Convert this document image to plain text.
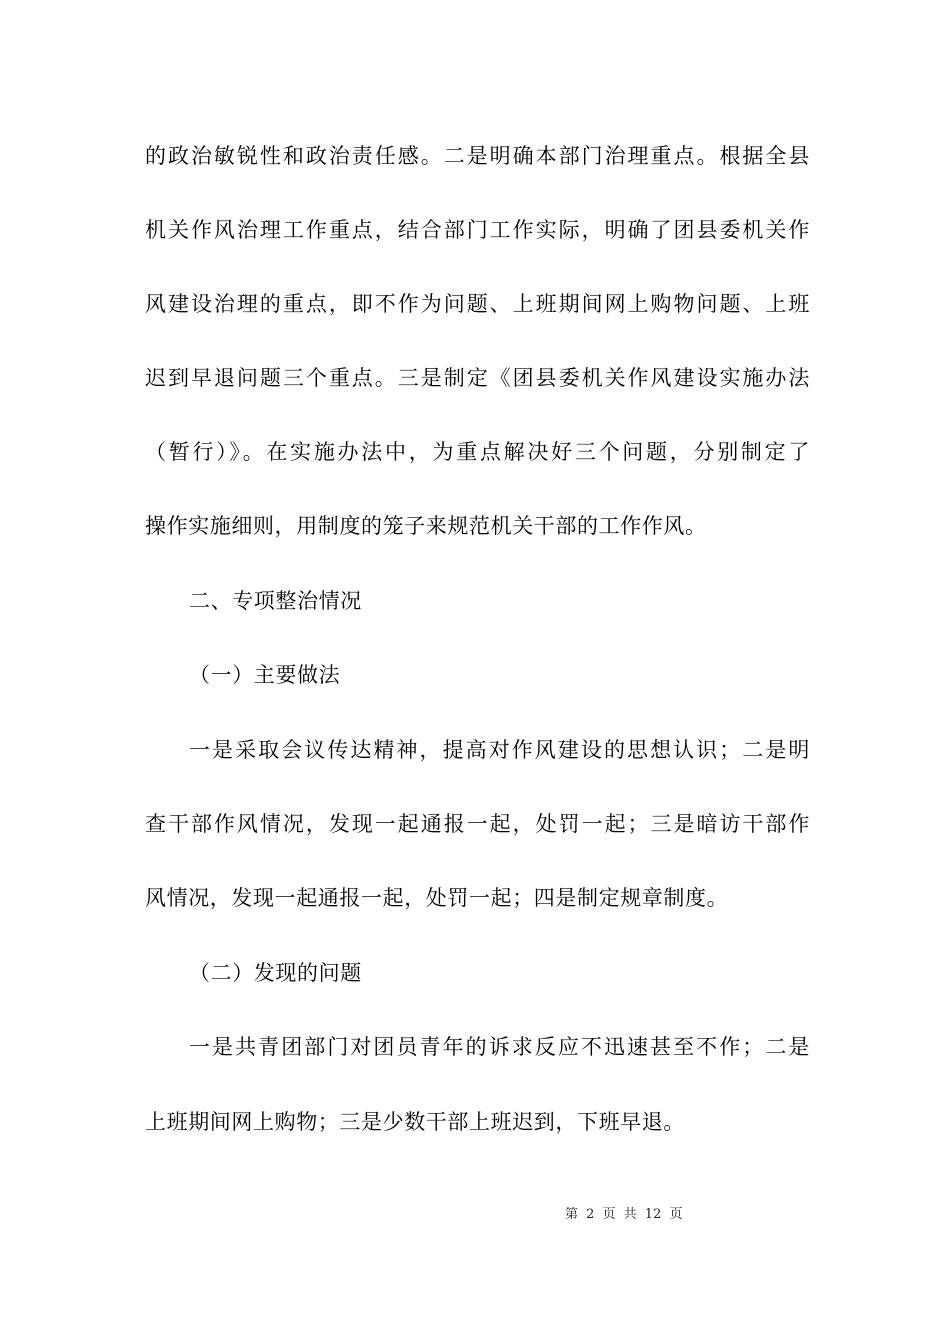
的政治敏锐性和政治责任感。二是明确本部门治理重点。根据全县
机关作风治理工作重点，结合部门工作实际，明确了团县委机关作
风建设治理的重点，即不作为问题、上班期间网上购物问题、上班
迟到早退问题三个重点。三是制定《团县委机关作风建设实施办法
（暂行）》。在实施办法中，为重点解决好三个问题，分别制定了
操作实施细则，用制度的笼子来规范机关干部的工作作风。
二、专项整治情况
（一）主要做法
一是采取会议传达精神，提高对作风建设的思想认识；二是明
查干部作风情况，发现一起通报一起，处罚一起；三是暗访干部作
风情况，发现一起通报一起，处罚一起；四是制定规章制度。
（二）发现的问题
一是共青团部门对团员青年的诉求反应不迅速甚至不作；二是
上班期间网上购物；三是少数干部上班迟到，下班早退。
第 2 页 共 12 页
